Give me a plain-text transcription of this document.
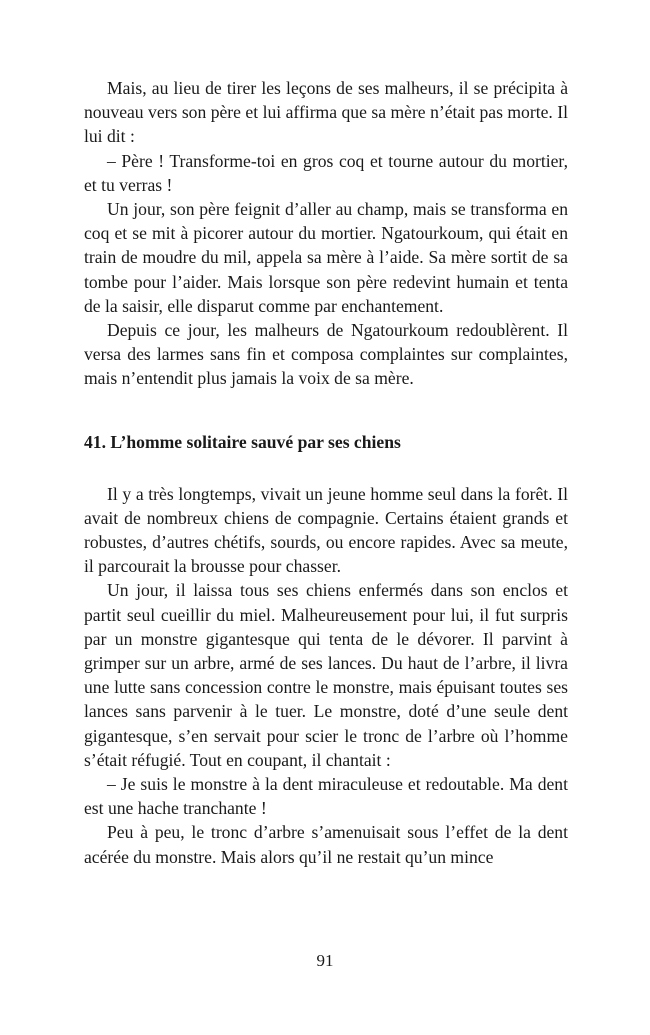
Mais, au lieu de tirer les leçons de ses malheurs, il se précipita à nouveau vers son père et lui affirma que sa mère n’était pas morte. Il lui dit :

– Père ! Transforme-toi en gros coq et tourne autour du mortier, et tu verras !

Un jour, son père feignit d’aller au champ, mais se transforma en coq et se mit à picorer autour du mortier. Ngatourkoum, qui était en train de moudre du mil, appela sa mère à l’aide. Sa mère sortit de sa tombe pour l’aider. Mais lorsque son père redevint humain et tenta de la saisir, elle disparut comme par enchantement.

Depuis ce jour, les malheurs de Ngatourkoum redoublèrent. Il versa des larmes sans fin et composa complaintes sur complaintes, mais n’entendit plus jamais la voix de sa mère.

41. L’homme solitaire sauvé par ses chiens

Il y a très longtemps, vivait un jeune homme seul dans la forêt. Il avait de nombreux chiens de compagnie. Certains étaient grands et robustes, d’autres chétifs, sourds, ou encore rapides. Avec sa meute, il parcourait la brousse pour chasser.

Un jour, il laissa tous ses chiens enfermés dans son enclos et partit seul cueillir du miel. Malheureusement pour lui, il fut surpris par un monstre gigantesque qui tenta de le dévorer. Il parvint à grimper sur un arbre, armé de ses lances. Du haut de l’arbre, il livra une lutte sans concession contre le monstre, mais épuisant toutes ses lances sans parvenir à le tuer. Le monstre, doté d’une seule dent gigantesque, s’en servait pour scier le tronc de l’arbre où l’homme s’était réfugié. Tout en coupant, il chantait :

– Je suis le monstre à la dent miraculeuse et redoutable. Ma dent est une hache tranchante !

Peu à peu, le tronc d’arbre s’amenuisait sous l’effet de la dent acérée du monstre. Mais alors qu’il ne restait qu’un mince

91
